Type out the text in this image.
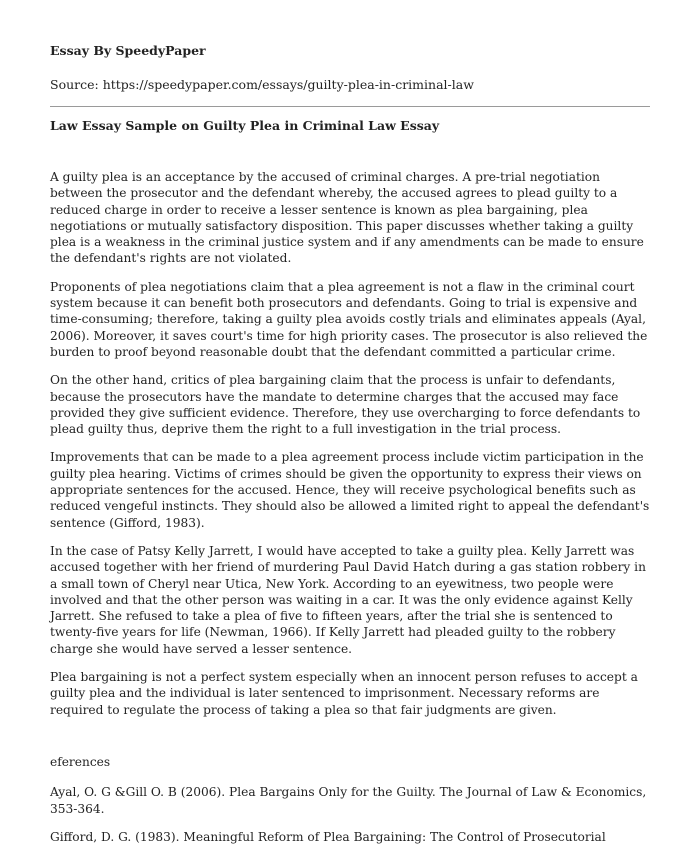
Essay By SpeedyPaper
Source: https://speedypaper.com/essays/guilty-plea-in-criminal-law
Law Essay Sample on Guilty Plea in Criminal Law Essay

A guilty plea is an acceptance by the accused of criminal charges. A pre-trial negotiation between the prosecutor and the defendant whereby, the accused agrees to plead guilty to a reduced charge in order to receive a lesser sentence is known as plea bargaining, plea negotiations or mutually satisfactory disposition. This paper discusses whether taking a guilty plea is a weakness in the criminal justice system and if any amendments can be made to ensure the defendant's rights are not violated.

Proponents of plea negotiations claim that a plea agreement is not a flaw in the criminal court system because it can benefit both prosecutors and defendants. Going to trial is expensive and time-consuming; therefore, taking a guilty plea avoids costly trials and eliminates appeals (Ayal, 2006). Moreover, it saves court's time for high priority cases. The prosecutor is also relieved the burden to proof beyond reasonable doubt that the defendant committed a particular crime.

On the other hand, critics of plea bargaining claim that the process is unfair to defendants, because the prosecutors have the mandate to determine charges that the accused may face provided they give sufficient evidence. Therefore, they use overcharging to force defendants to plead guilty thus, deprive them the right to a full investigation in the trial process.

Improvements that can be made to a plea agreement process include victim participation in the guilty plea hearing. Victims of crimes should be given the opportunity to express their views on appropriate sentences for the accused. Hence, they will receive psychological benefits such as reduced vengeful instincts. They should also be allowed a limited right to appeal the defendant's sentence (Gifford, 1983).

In the case of Patsy Kelly Jarrett, I would have accepted to take a guilty plea. Kelly Jarrett was accused together with her friend of murdering Paul David Hatch during a gas station robbery in a small town of Cheryl near Utica, New York. According to an eyewitness, two people were involved and that the other person was waiting in a car. It was the only evidence against Kelly Jarrett. She refused to take a plea of five to fifteen years, after the trial she is sentenced to twenty-five years for life (Newman, 1966). If Kelly Jarrett had pleaded guilty to the robbery charge she would have served a lesser sentence.

Plea bargaining is not a perfect system especially when an innocent person refuses to accept a guilty plea and the individual is later sentenced to imprisonment. Necessary reforms are required to regulate the process of taking a plea so that fair judgments are given.

eferences

Ayal, O. G &Gill O. B (2006). Plea Bargains Only for the Guilty. The Journal of Law & Economics, 353-364.

Gifford, D. G. (1983). Meaningful Reform of Plea Bargaining: The Control of Prosecutorial
